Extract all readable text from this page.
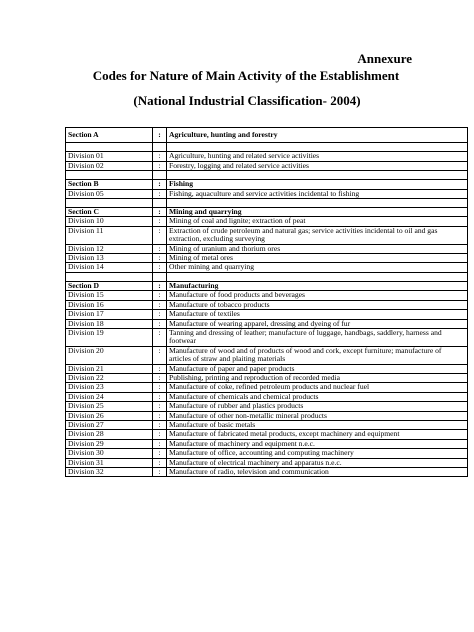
Annexure
Codes for Nature of Main Activity of the Establishment
(National Industrial Classification- 2004)
Section A	:	Agriculture, hunting and forestry

Division 01	:	Agriculture, hunting and related service activities
Division 02	:	Forestry, logging and related service activities

Section B	:	Fishing
Division 05	:	Fishing, aquaculture and service activities incidental to fishing

Section C	:	Mining and quarrying
Division 10	:	Mining of coal and lignite; extraction of peat
Division 11	:	Extraction of crude petroleum and natural gas; service activities incidental to oil and gas extraction, excluding surveying
Division 12	:	Mining of uranium and thorium ores
Division 13	:	Mining of metal ores
Division 14	:	Other mining and quarrying

Section D	:	Manufacturing
Division 15	:	Manufacture of food products and beverages
Division 16	:	Manufacture of tobacco products
Division 17	:	Manufacture of textiles
Division 18	:	Manufacture of wearing apparel, dressing and dyeing of fur
Division 19	:	Tanning and dressing of leather; manufacture of luggage, handbags, saddlery, harness and footwear
Division 20	:	Manufacture of wood and of products of wood and cork, except furniture; manufacture of articles of straw and plaiting materials
Division 21	:	Manufacture of paper and paper products
Division 22	:	Publishing, printing and reproduction of recorded media
Division 23	:	Manufacture of coke, refined petroleum products and nuclear fuel
Division 24	:	Manufacture of chemicals and chemical products
Division 25	:	Manufacture of rubber and plastics products
Division 26	:	Manufacture of other non-metallic mineral products
Division 27	:	Manufacture of basic metals
Division 28	:	Manufacture of fabricated metal products, except machinery and equipment
Division 29	:	Manufacture of machinery and equipment n.e.c.
Division 30	:	Manufacture of office, accounting and computing machinery
Division 31	:	Manufacture of electrical machinery and apparatus n.e.c.
Division 32	:	Manufacture of radio, television and communication
